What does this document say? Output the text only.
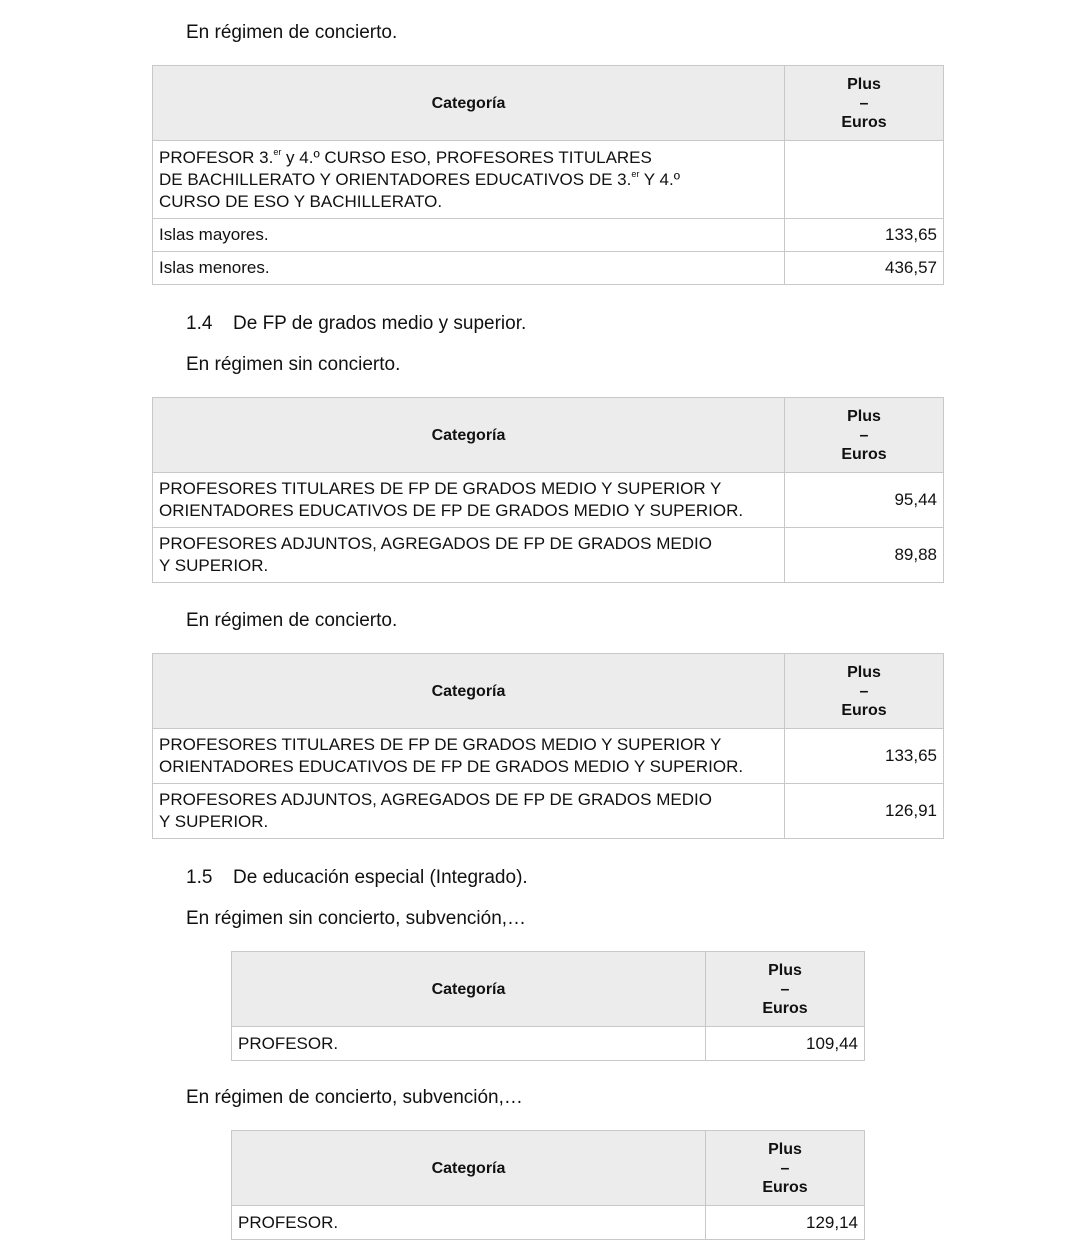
En régimen de concierto.

Categoría	Plus
–
Euros
PROFESOR 3.$^{er}$ y 4.º CURSO ESO, PROFESORES TITULARES
DE BACHILLERATO Y ORIENTADORES EDUCATIVOS DE 3.$^{er}$ Y 4.º
CURSO DE ESO Y BACHILLERATO.	
Islas mayores.	133,65
Islas menores.	436,57

1.4 De FP de grados medio y superior.

En régimen sin concierto.

Categoría	Plus
–
Euros
PROFESORES TITULARES DE FP DE GRADOS MEDIO Y SUPERIOR Y
ORIENTADORES EDUCATIVOS DE FP DE GRADOS MEDIO Y SUPERIOR.	95,44
PROFESORES ADJUNTOS, AGREGADOS DE FP DE GRADOS MEDIO
Y SUPERIOR.	89,88

En régimen de concierto.

Categoría	Plus
–
Euros
PROFESORES TITULARES DE FP DE GRADOS MEDIO Y SUPERIOR Y
ORIENTADORES EDUCATIVOS DE FP DE GRADOS MEDIO Y SUPERIOR.	133,65
PROFESORES ADJUNTOS, AGREGADOS DE FP DE GRADOS MEDIO
Y SUPERIOR.	126,91

1.5 De educación especial (Integrado).

En régimen sin concierto, subvención,…

Categoría	Plus
–
Euros
PROFESOR.	109,44

En régimen de concierto, subvención,…

Categoría	Plus
–
Euros
PROFESOR.	129,14
